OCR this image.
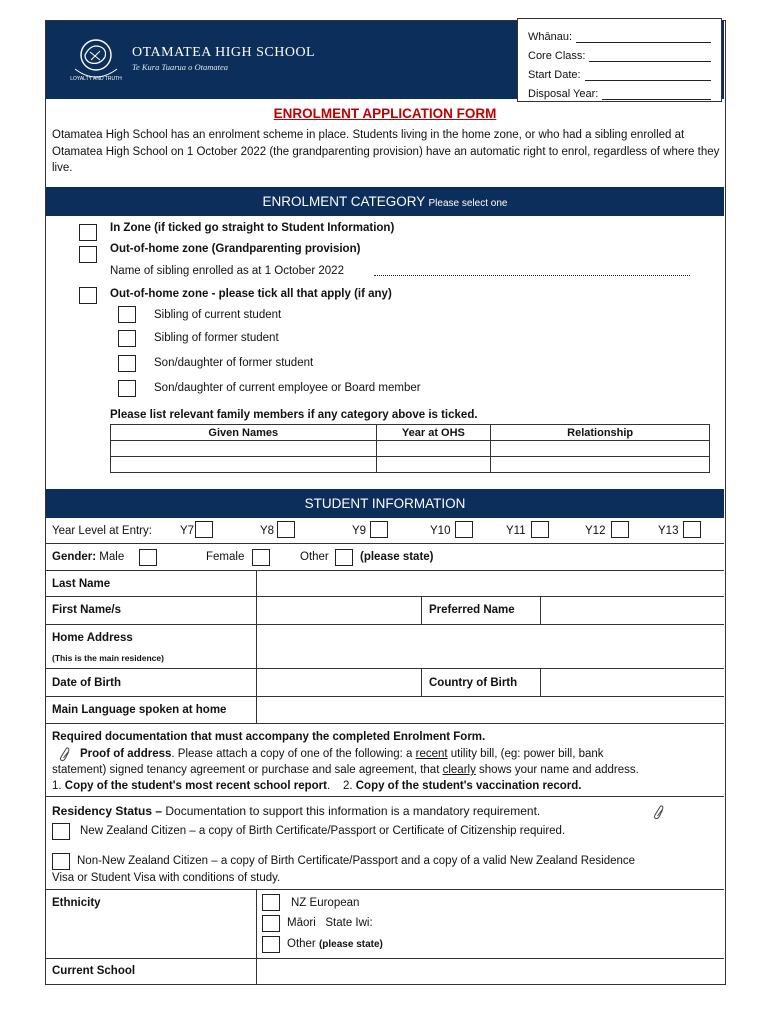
LOYALTY AND TRUTH
OTAMATEA HIGH SCHOOL
Te Kura Tuarua o Otamatea
Whānau:
Core Class:
Start Date:
Disposal Year:
ENROLMENT APPLICATION FORM
Otamatea High School has an enrolment scheme in place. Students living in the home zone, or who had a sibling enrolled at Otamatea High School on 1 October 2022 (the grandparenting provision) have an automatic right to enrol, regardless of where they live.
ENROLMENT CATEGORY Please select one
In Zone (if ticked go straight to Student Information)
Out-of-home zone (Grandparenting provision)
Name of sibling enrolled as at 1 October 2022
Out-of-home zone - please tick all that apply (if any)
Sibling of current student
Sibling of former student
Son/daughter of former student
Son/daughter of current employee or Board member
Please list relevant family members if any category above is ticked.
Given Names	Year at OHS	Relationship

STUDENT INFORMATION
Year Level at Entry: Y7	Y8	Y9	Y10	Y11	Y12	Y13
Gender: Male	Female	Other	(please state)
Last Name
First Name/s	Preferred Name
Home Address
(This is the main residence)
Date of Birth	Country of Birth
Main Language spoken at home
Required documentation that must accompany the completed Enrolment Form.
Proof of address. Please attach a copy of one of the following: a recent utility bill, (eg: power bill, bank
statement) signed tenancy agreement or purchase and sale agreement, that clearly shows your name and address.
1. Copy of the student's most recent school report. 2. Copy of the student's vaccination record.
Residency Status – Documentation to support this information is a mandatory requirement.
New Zealand Citizen – a copy of Birth Certificate/Passport or Certificate of Citizenship required.
Non-New Zealand Citizen – a copy of Birth Certificate/Passport and a copy of a valid New Zealand Residence
Visa or Student Visa with conditions of study.
Ethnicity	NZ European
Māori State Iwi:
Other (please state)
Current School
